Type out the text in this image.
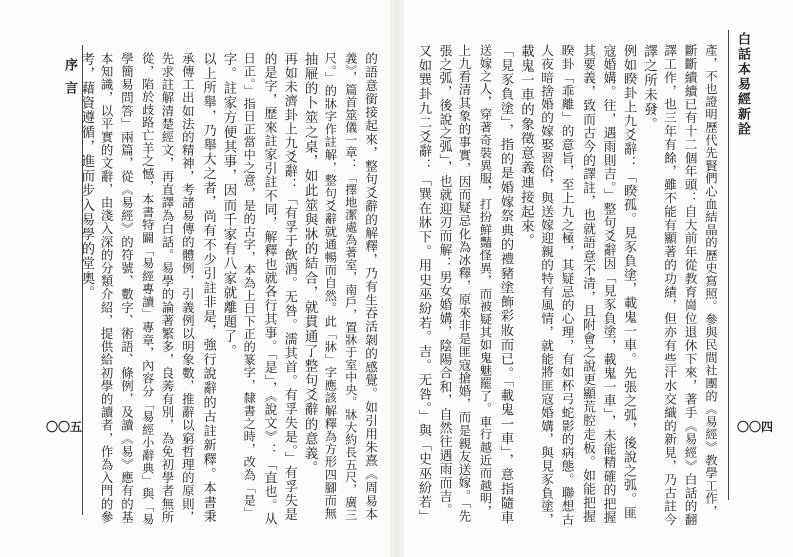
白話本易經新詮
〇〇四
產，不也證明歷代先賢們心血結晶的歷史寫照。參與民間社團的《易經》教學工作，
斷斷續續已有十二個年頭：自大前年從教育崗位退休下來，著手《易經》白話的翻
譯工作，也三年有餘，雖不能有顯著的功績，但亦有些汗水交織的新見，乃古註今
譯之所未發。
例如睽卦上九爻辭：「睽孤。見豕負塗，載鬼一車。先張之弧，後說之弧。匪
寇婚媾。往，遇雨則吉。」整句爻辭因「見豕負塗，載鬼一車」，未能精確的把握
其要義，致而古今的譯註，也就語意不清，且附會之說更顯荒腔走板。如能把握
睽卦「乖離」的意旨，至上九之極，其疑忌的心理，有如杯弓蛇影的病態。聯想古
人夜暗捨婚的嫁娶習俗，與送嫁迎親的特有風情，就能將匪寇婚媾，與見豕負塗，
載鬼一車的象徵意義連接起來。
「見豕負塗」，指的是婚嫁祭典的禮豬塗飾彩妝而已。「載鬼一車」，意指隨車
送嫁之人，穿著奇裝異服，打扮鮮豔怪異，而被疑其如鬼魅罷了。車行越近而越明，
上九看清其象的事實，因而疑忌化為冰釋，原來非是匪寇搶婚，而是親友送嫁。「先
張之弧，後說之弧」，也就迎刃而解：男女婚媾，陰陽合和，自然往遇雨而吉。
又如巽卦九二爻辭：「巽在牀下。用史巫紛若。吉。无咎。」與「史巫紛若」
序言
〇〇五	的語意銜接起來，整句爻辭的解釋，乃有生吞活剝的感覺。如引用朱熹《周易本
義》，篇首筮儀一章：「擇地潔處為著室，南戶，置牀于室中央。牀大約長五尺，廣三
尺。」的牀字作註解，整句爻辭就通暢而自然。此「牀」字應該解釋為方形四腳而無
抽屜的卜筮之桌，如此筮與牀的結合，就貫通了整句爻辭的意義。
再如未濟卦上九爻辭：「有孚于飲酒。无咎。濡其首。有孚失是。」有孚失是
的是字，歷來註家引註不同，解釋也就各行其事。「是」，《說文》：「直也。从
日正。」指日正當中之意，是的古字，本為上日下正的篆字，隸書之時，改為「是」
字。註家方便其事，因而千家有八家就離題了。
以上所舉，乃舉大之者，尚有不少引註非是，強行說辭的古註新釋。本書秉
承傳工出如法的精神，考諸易傳的體例，引義例以明象數，推辭以窮哲理的原則，
先求註解清楚經文，再直譯為白話。易學的論著繁多，良莠有別，為免初學者無所
從，陷於歧路亡羊之憾，本書特闢「易經專讀」專章，內容分「易經小辭典」與「易
學簡易問答」兩篇，從《易經》的符號、數字、術語、條例，及讀《易》應有的基
本知識，以平實的文辭，由淺入深的分類介紹，提供給初學的讀者，作為入門的參
考，藉資遵循，進而步入易學的堂奧。
